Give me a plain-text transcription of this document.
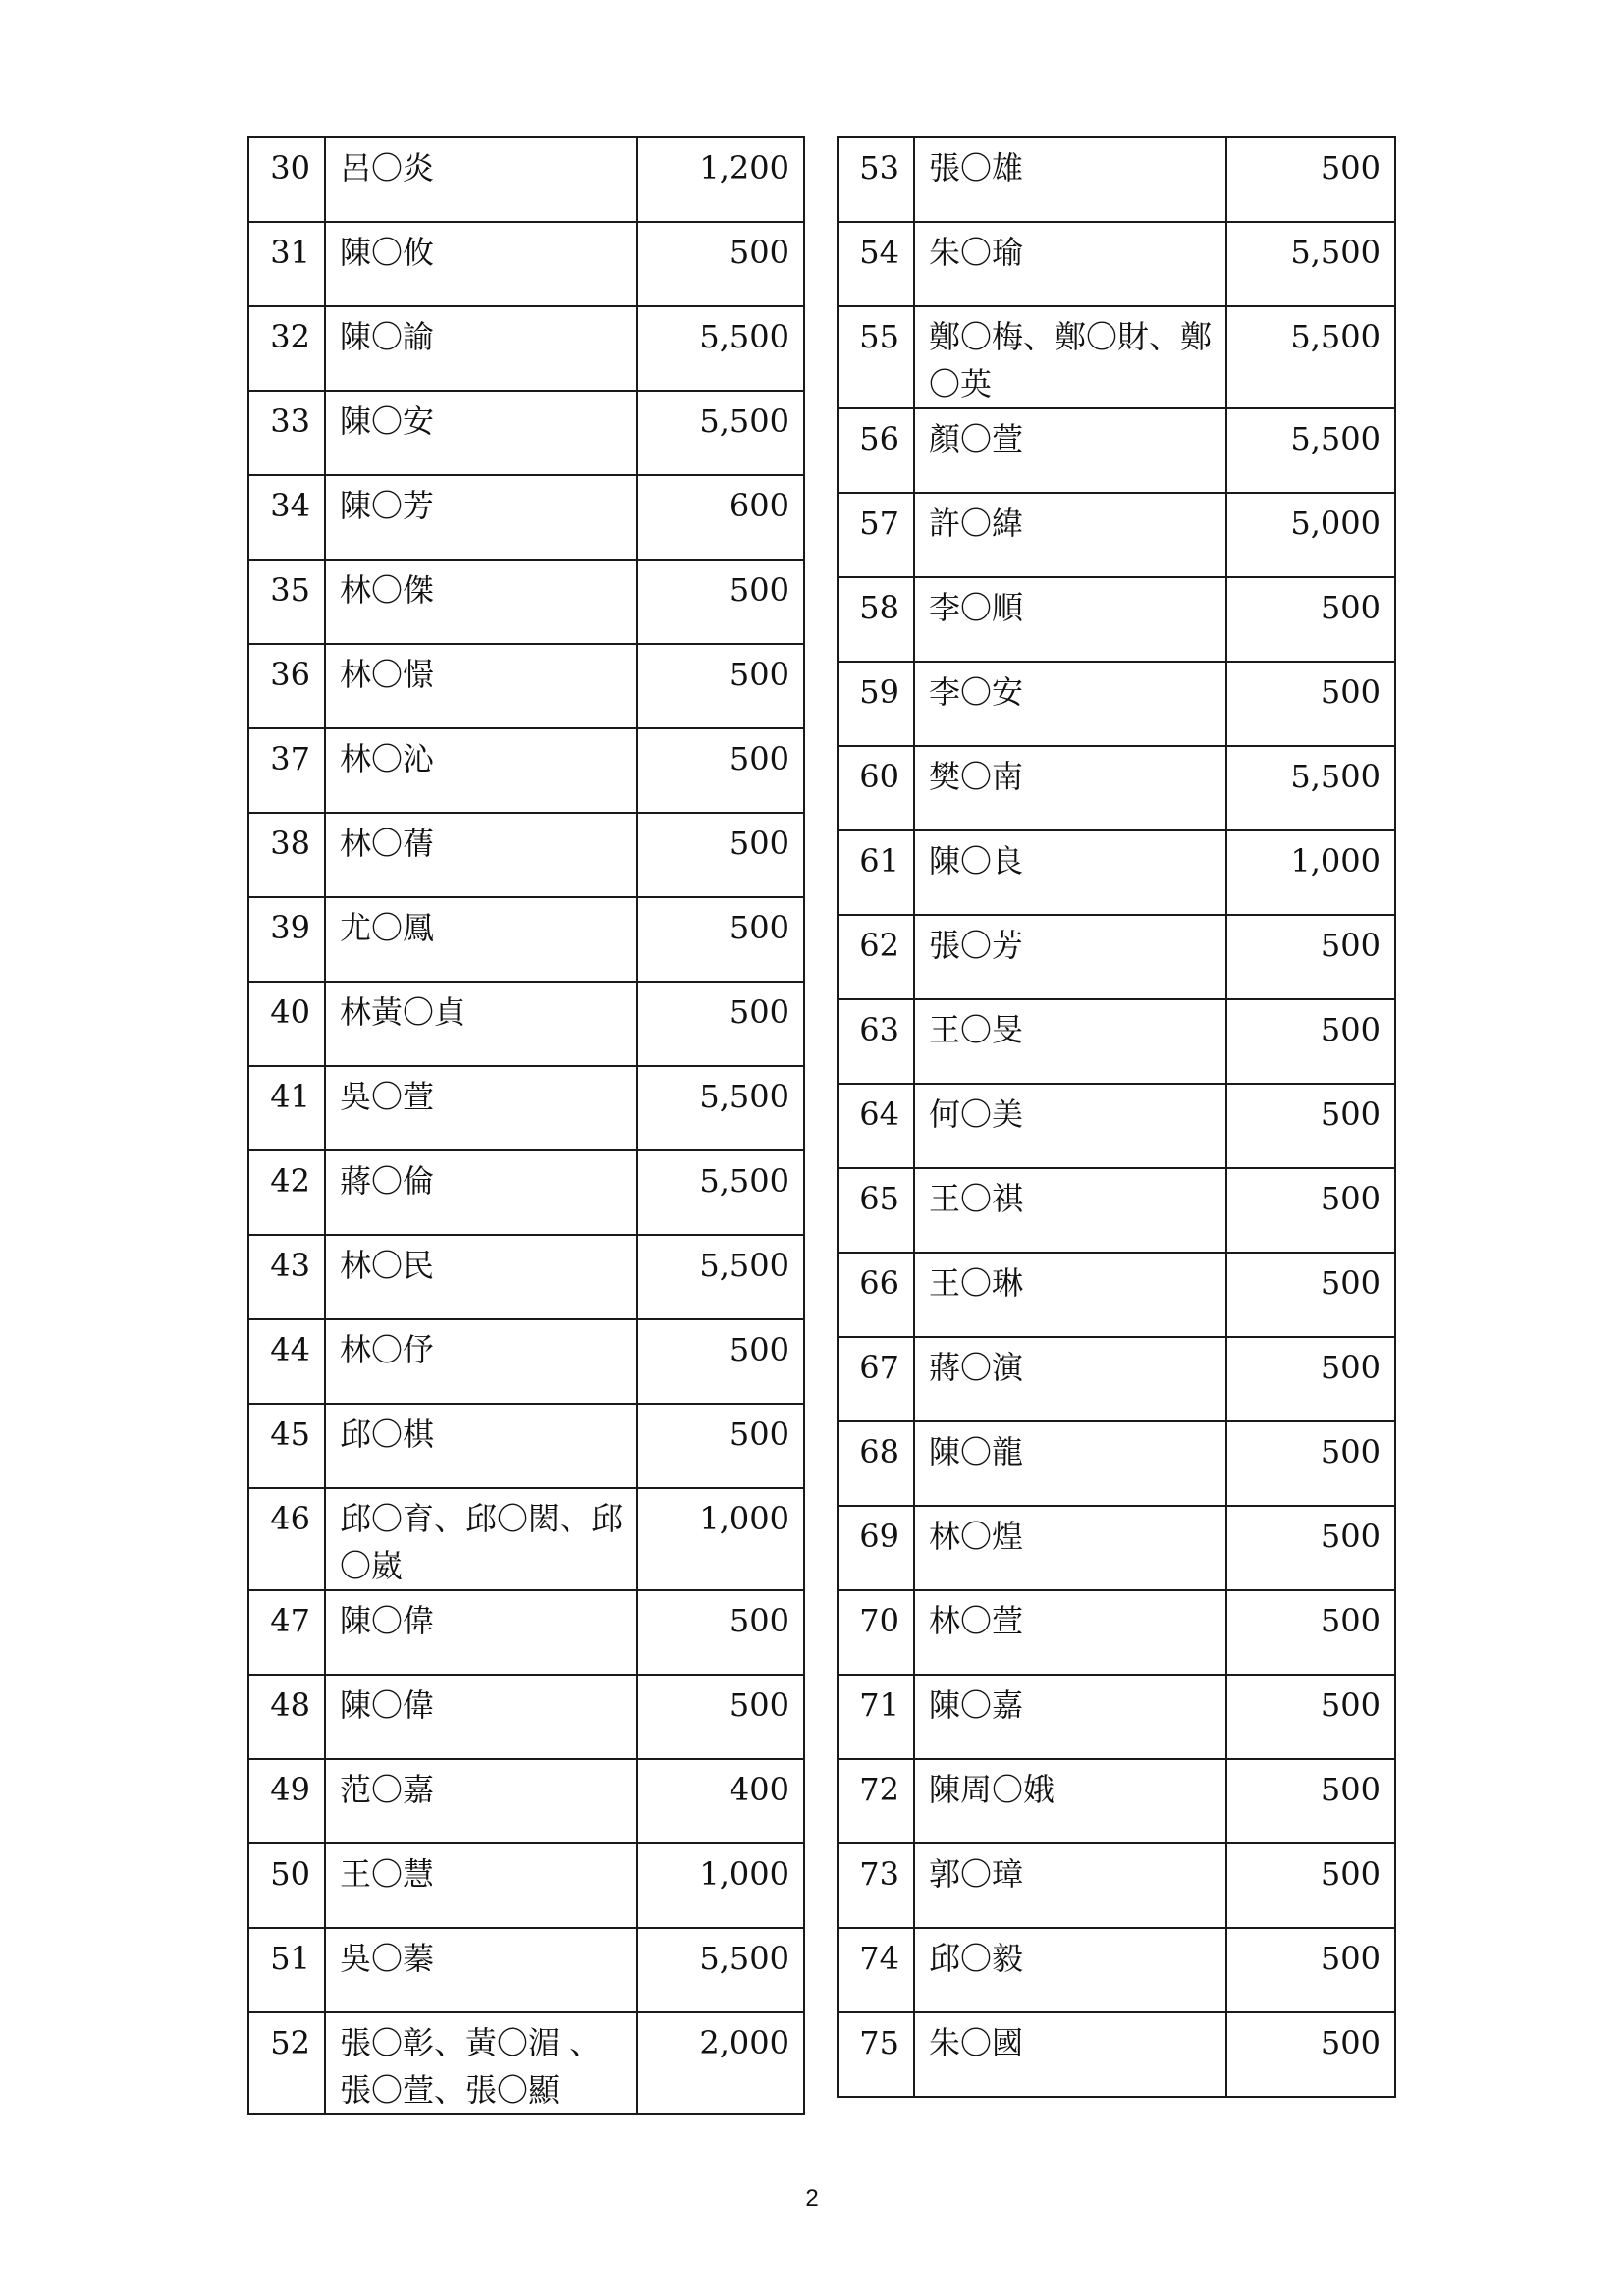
30	呂〇炎	1,200
31	陳〇攸	500
32	陳〇諭	5,500
33	陳〇安	5,500
34	陳〇芳	600
35	林〇傑	500
36	林〇憬	500
37	林〇沁	500
38	林〇蒨	500
39	尤〇鳳	500
40	林黃〇貞	500
41	吳〇萱	5,500
42	蔣〇倫	5,500
43	林〇民	5,500
44	林〇伃	500
45	邱〇棋	500
46	邱〇育、邱〇閎、邱〇崴	1,000
47	陳〇偉	500
48	陳〇偉	500
49	范〇嘉	400
50	王〇慧	1,000
51	吳〇蓁	5,500
52	張〇彰、黃〇湄 、張〇萱、張〇顯	2,000
53	張〇雄	500
54	朱〇瑜	5,500
55	鄭〇梅、鄭〇財、鄭〇英	5,500
56	顏〇萱	5,500
57	許〇緯	5,000
58	李〇順	500
59	李〇安	500
60	樊〇南	5,500
61	陳〇良	1,000
62	張〇芳	500
63	王〇旻	500
64	何〇美	500
65	王〇祺	500
66	王〇琳	500
67	蔣〇演	500
68	陳〇龍	500
69	林〇煌	500
70	林〇萱	500
71	陳〇嘉	500
72	陳周〇娥	500
73	郭〇璋	500
74	邱〇毅	500
75	朱〇國	500
2
